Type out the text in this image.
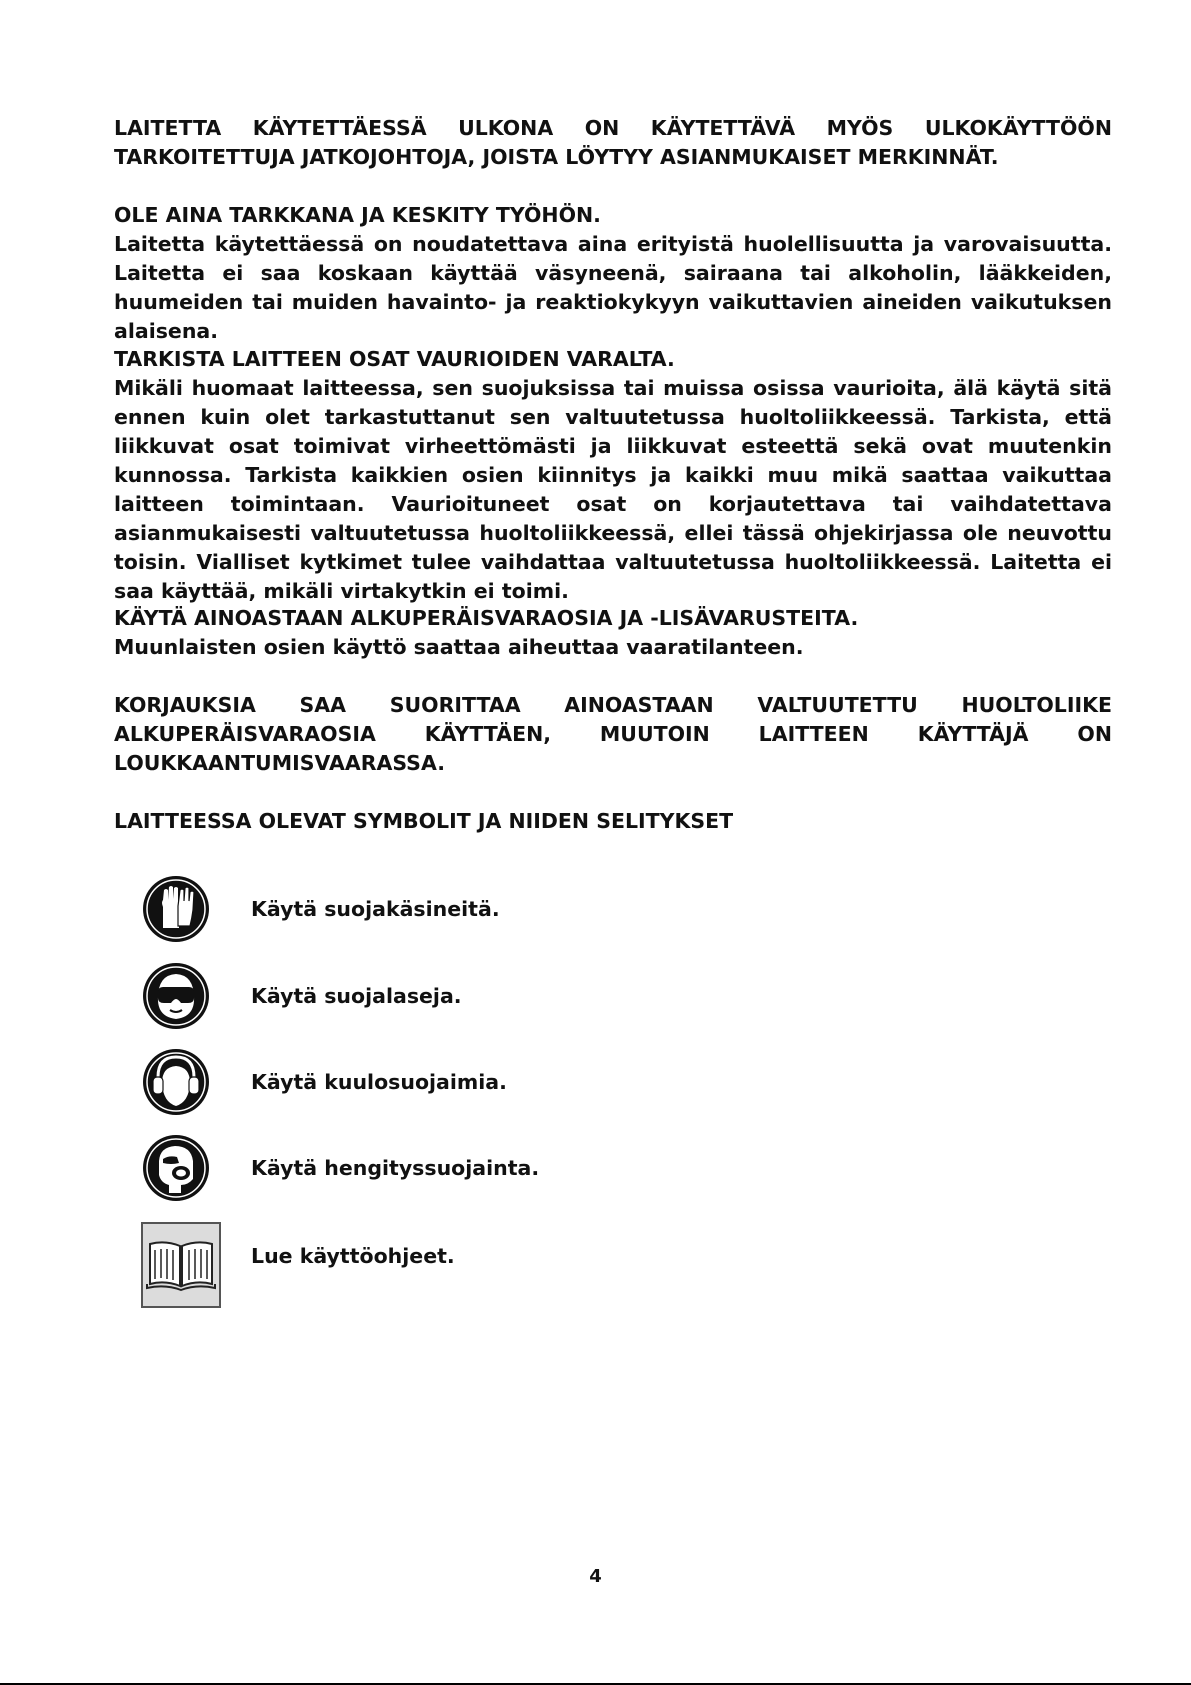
LAITETTA KÄYTETTÄESSÄ ULKONA ON KÄYTETTÄVÄ MYÖS ULKOKÄYTTÖÖN TARKOITETTUJA JATKOJOHTOJA, JOISTA LÖYTYY ASIANMUKAISET MERKINNÄT.

OLE AINA TARKKANA JA KESKITY TYÖHÖN.

Laitetta käytettäessä on noudatettava aina erityistä huolellisuutta ja varovaisuutta. Laitetta ei saa koskaan käyttää väsyneenä, sairaana tai alkoholin, lääkkeiden, huumeiden tai muiden havainto- ja reaktiokykyyn vaikuttavien aineiden vaikutuksen alaisena.

TARKISTA LAITTEEN OSAT VAURIOIDEN VARALTA.

Mikäli huomaat laitteessa, sen suojuksissa tai muissa osissa vaurioita, älä käytä sitä ennen kuin olet tarkastuttanut sen valtuutetussa huoltoliikkeessä. Tarkista, että liikkuvat osat toimivat virheettömästi ja liikkuvat esteettä sekä ovat muutenkin kunnossa. Tarkista kaikkien osien kiinnitys ja kaikki muu mikä saattaa vaikuttaa laitteen toimintaan. Vaurioituneet osat on korjautettava tai vaihdatettava asianmukaisesti valtuutetussa huoltoliikkeessä, ellei tässä ohjekirjassa ole neuvottu toisin. Vialliset kytkimet tulee vaihdattaa valtuutetussa huoltoliikkeessä. Laitetta ei saa käyttää, mikäli virtakytkin ei toimi.

KÄYTÄ AINOASTAAN ALKUPERÄISVARAOSIA JA -LISÄVARUSTEITA.

Muunlaisten osien käyttö saattaa aiheuttaa vaaratilanteen.

KORJAUKSIA SAA SUORITTAA AINOASTAAN VALTUUTETTU HUOLTOLIIKE

ALKUPERÄISVARAOSIA KÄYTTÄEN, MUUTOIN LAITTEEN KÄYTTÄJÄ ON

LOUKKAANTUMISVAARASSA.

LAITTEESSA OLEVAT SYMBOLIT JA NIIDEN SELITYKSET

Käytä suojakäsineitä.
Käytä suojalaseja.
Käytä kuulosuojaimia.
Käytä hengityssuojainta.
Lue käyttöohjeet.
4
